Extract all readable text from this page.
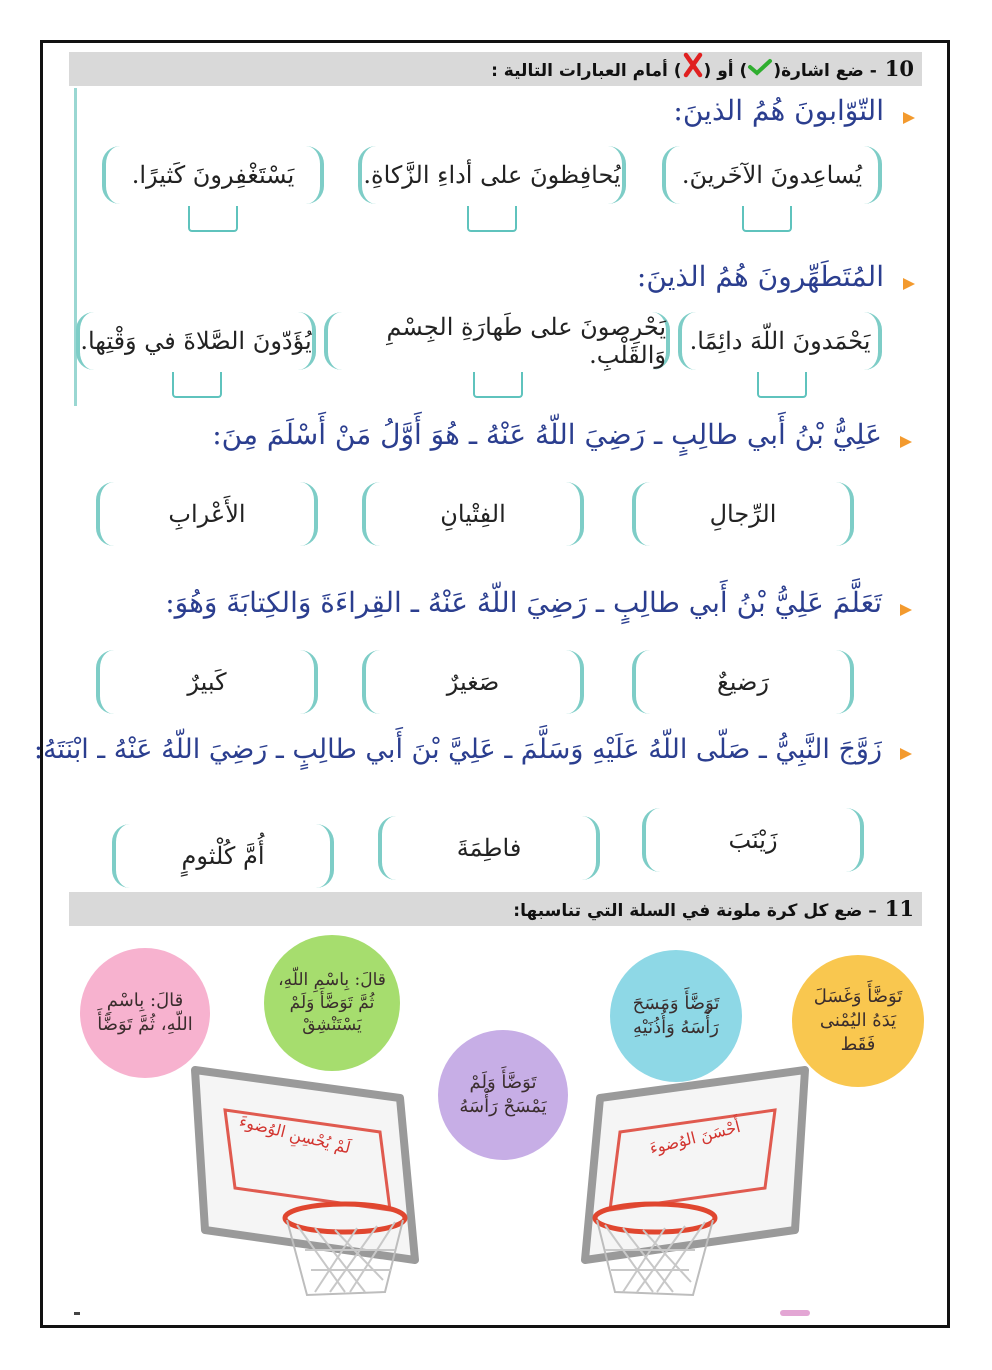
10- ضع اشارة() أو () أمام العبارات التالية :
التّوّابونَ هُمُ الذينَ:
يُساعِدونَ الآخَرينَ.
يُحافِظونَ على أداءِ الزَّكاةِ.
يَسْتَغْفِرونَ كَثيرًا.
المُتَطَهِّرونَ هُمُ الذينَ:
يَحْمَدونَ اللّهَ دائِمًا.
يَحْرِصونَ على طَهارَةِ الجِسْمِ وَالقَلْبِ.
يُؤَدّونَ الصَّلاةَ في وَقْتِها.
عَلِيُّ بْنُ أَبي طالِبٍ ـ رَضِيَ اللّهُ عَنْهُ ـ هُوَ أَوَّلُ مَنْ أَسْلَمَ مِنَ:
الرِّجالِ
الفِتْيانِ
الأَعْرابِ
تَعَلَّمَ عَلِيُّ بْنُ أَبي طالِبٍ ـ رَضِيَ اللّهُ عَنْهُ ـ القِراءَةَ وَالكِتابَةَ وَهُوَ:
رَضيعٌ
صَغيرٌ
كَبيرٌ
زَوَّجَ النَّبِيُّ ـ صَلّى اللّهُ عَلَيْهِ وَسَلَّمَ ـ عَلِيَّ بْنَ أَبي طالِبٍ ـ رَضِيَ اللّهُ عَنْهُ ـ ابْنَتَهُ:
زَيْنَبَ
فاطِمَةَ
أُمَّ كُلْثومٍ
11– ضع كل كرة ملونة في السلة التي تناسبها:
لَمْ يُحْسِنِ الوُضوءَ	أَحْسَنَ الوُضوءَ
تَوَضَّأَ وَغَسَلَ يَدَهُ اليُمْنى فَقَط
تَوَضَّأَ وَمَسَحَ رَأْسَهُ وَأُذُنَيْهِ
تَوَضَّأَ وَلَمْ يَمْسَحْ رَأْسَهُ
قالَ: بِاسْمِ اللّهِ، ثُمَّ تَوَضَّأَ وَلَمْ يَسْتَنْشِقْ
قالَ: بِاسْمِ اللّهِ، ثُمَّ تَوَضَّأَ
